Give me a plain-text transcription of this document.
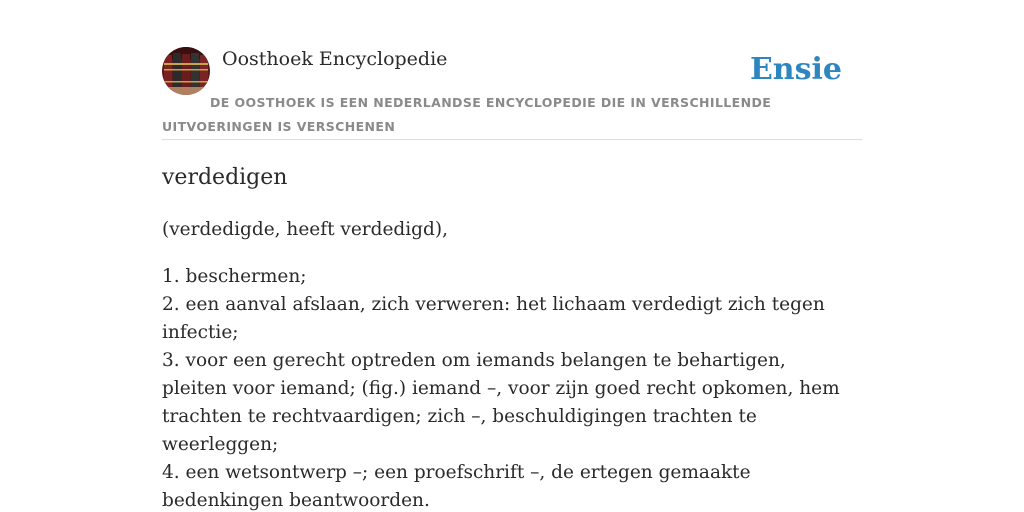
Oosthoek Encyclopedie	Ensie
DE OOSTHOEK IS EEN NEDERLANDSE ENCYCLOPEDIE DIE IN VERSCHILLENDE UITVOERINGEN IS VERSCHENEN
verdedigen
(verdedigde, heeft verdedigd),
1. beschermen;
2. een aanval afslaan, zich verweren: het lichaam verdedigt zich tegen infectie;
3. voor een gerecht optreden om iemands belangen te behartigen, pleiten voor iemand; (fig.) iemand –, voor zijn goed recht opkomen, hem trachten te rechtvaardigen; zich –, beschuldigingen trachten te weerleggen;
4. een wetsontwerp –; een proefschrift –, de ertegen gemaakte bedenkingen beantwoorden.
